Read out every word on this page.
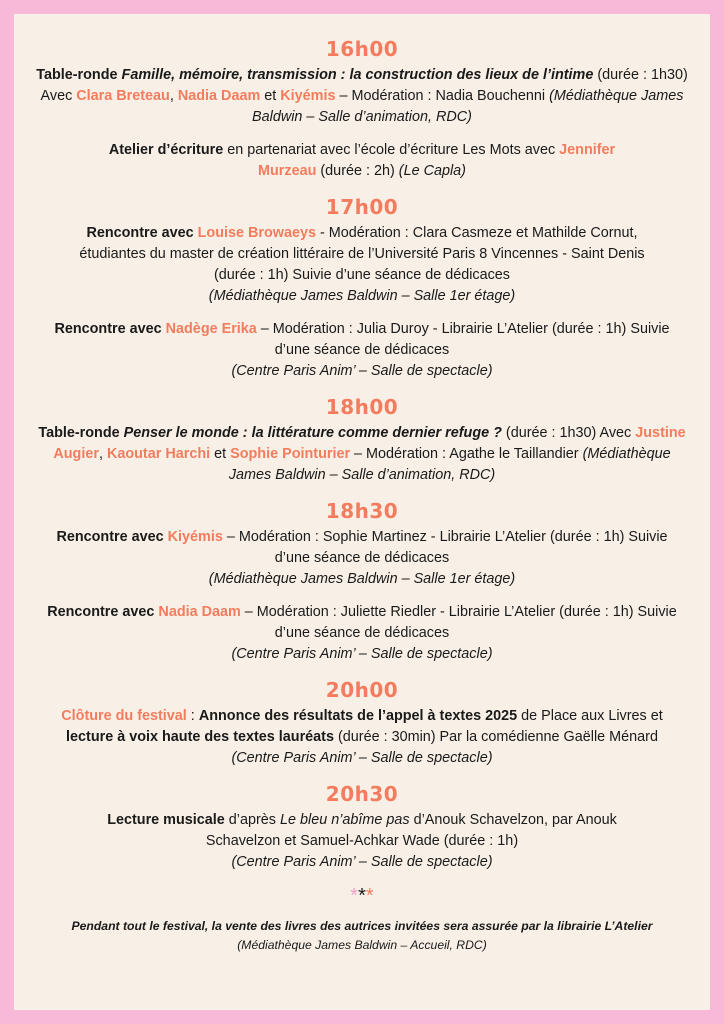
16h00
Table-ronde Famille, mémoire, transmission : la construction des lieux de l’intime (durée : 1h30) Avec Clara Breteau, Nadia Daam et Kiyémis – Modération : Nadia Bouchenni (Médiathèque James Baldwin – Salle d’animation, RDC)
Atelier d’écriture en partenariat avec l’école d’écriture Les Mots avec Jennifer Murzeau (durée : 2h) (Le Capla)
17h00

Rencontre avec Louise Browaeys - Modération : Clara Casmeze et Mathilde Cornut, étudiantes du master de création littéraire de l’Université Paris 8 Vincennes - Saint Denis (durée : 1h) Suivie d’une séance de dédicaces

(Médiathèque James Baldwin – Salle 1er étage)

Rencontre avec Nadège Erika – Modération : Julia Duroy - Librairie L’Atelier (durée : 1h) Suivie d’une séance de dédicaces

(Centre Paris Anim’ – Salle de spectacle)

18h00
Table-ronde Penser le monde : la littérature comme dernier refuge ? (durée : 1h30) Avec Justine Augier, Kaoutar Harchi et Sophie Pointurier – Modération : Agathe le Taillandier (Médiathèque James Baldwin – Salle d’animation, RDC)
18h30

Rencontre avec Kiyémis – Modération : Sophie Martinez - Librairie L’Atelier (durée : 1h) Suivie d’une séance de dédicaces

(Médiathèque James Baldwin – Salle 1er étage)

Rencontre avec Nadia Daam – Modération : Juliette Riedler - Librairie L’Atelier (durée : 1h) Suivie d’une séance de dédicaces

(Centre Paris Anim’ – Salle de spectacle)

20h00
Clôture du festival : Annonce des résultats de l’appel à textes 2025 de Place aux Livres et lecture à voix haute des textes lauréats (durée : 30min) Par la comédienne Gaëlle Ménard (Centre Paris Anim’ – Salle de spectacle)
20h30

Lecture musicale d’après Le bleu n’abîme pas d’Anouk Schavelzon, par Anouk Schavelzon et Samuel-Achkar Wade (durée : 1h)

(Centre Paris Anim’ – Salle de spectacle)

***
Pendant tout le festival, la vente des livres des autrices invitées sera assurée par la librairie L’Atelier (Médiathèque James Baldwin – Accueil, RDC)
